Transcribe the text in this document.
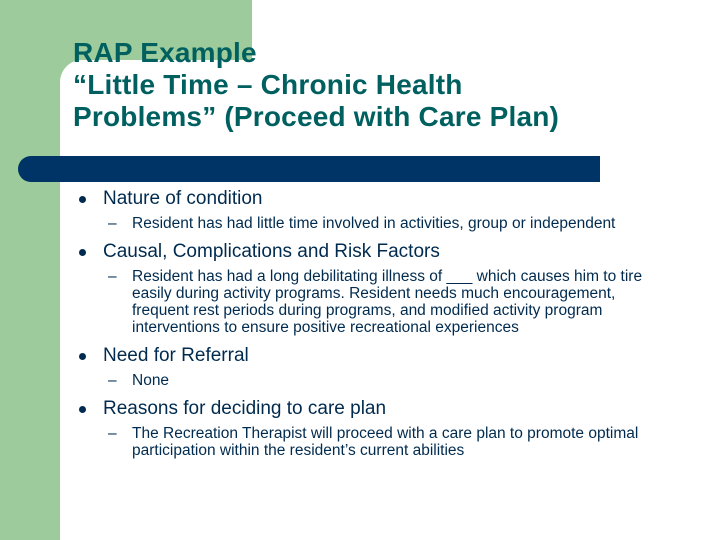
RAP Example
“Little Time – Chronic Health
Problems” (Proceed with Care Plan)
Nature of condition
– Resident has had little time involved in activities, group or independent
Causal, Complications and Risk Factors
– Resident has had a long debilitating illness of ___ which causes him to tire easily during activity programs. Resident needs much encouragement, frequent rest periods during programs, and modified activity program interventions to ensure positive recreational experiences
Need for Referral
– None
Reasons for deciding to care plan
– The Recreation Therapist will proceed with a care plan to promote optimal participation within the resident’s current abilities
